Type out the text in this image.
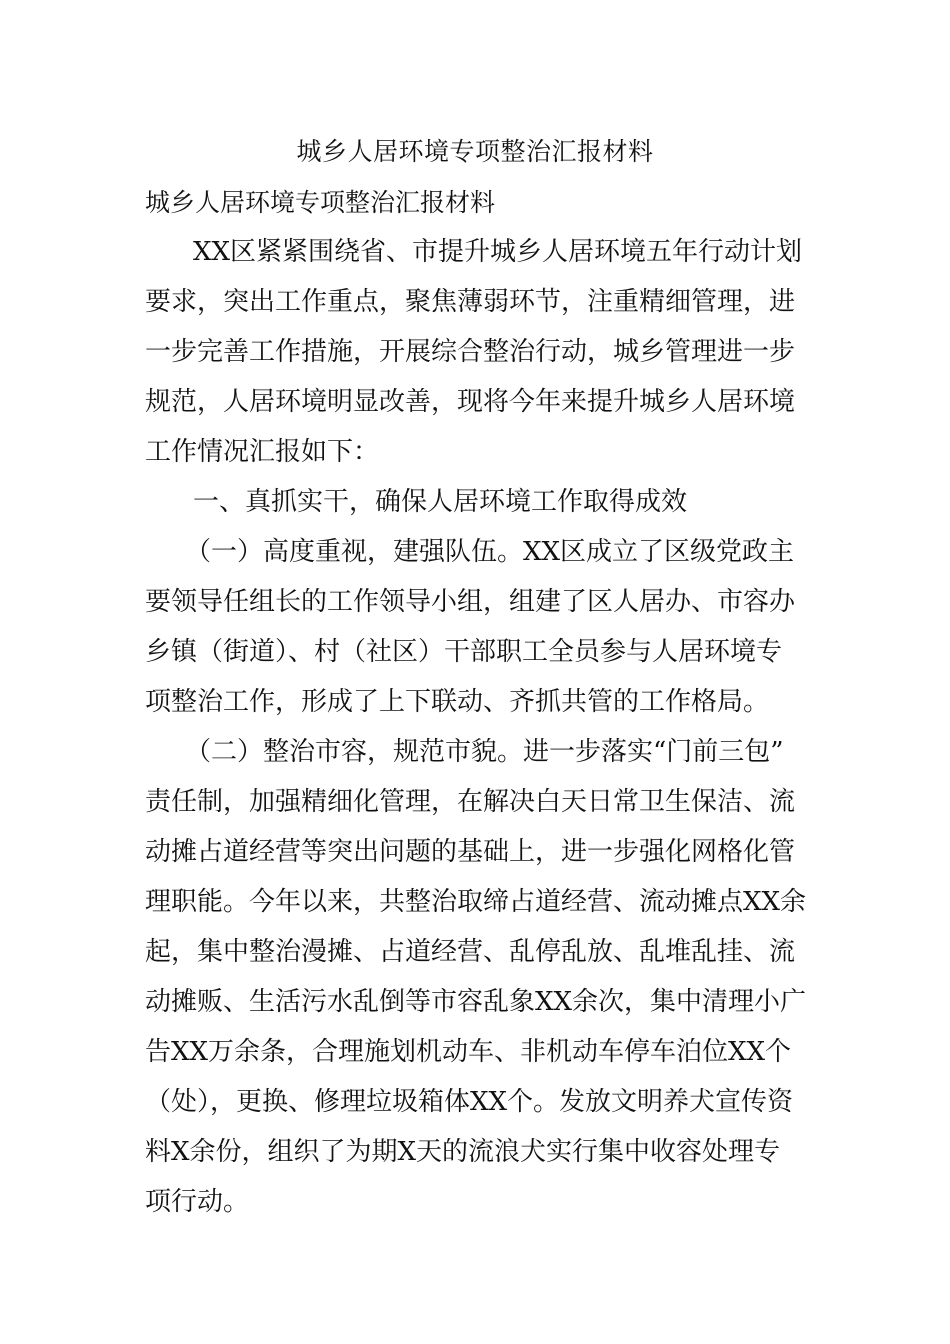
城乡人居环境专项整治汇报材料
城乡人居环境专项整治汇报材料
XX区紧紧围绕省、市提升城乡人居环境五年行动计划
要求，突出工作重点，聚焦薄弱环节，注重精细管理，进
一步完善工作措施，开展综合整治行动，城乡管理进一步
规范，人居环境明显改善，现将今年来提升城乡人居环境
工作情况汇报如下：
一、真抓实干，确保人居环境工作取得成效
（一）高度重视，建强队伍。XX区成立了区级党政主
要领导任组长的工作领导小组，组建了区人居办、市容办
乡镇（街道）、村（社区）干部职工全员参与人居环境专
项整治工作，形成了上下联动、齐抓共管的工作格局。
（二）整治市容，规范市貌。进一步落实“门前三包”
责任制，加强精细化管理，在解决白天日常卫生保洁、流
动摊占道经营等突出问题的基础上，进一步强化网格化管
理职能。今年以来，共整治取缔占道经营、流动摊点XX余
起，集中整治漫摊、占道经营、乱停乱放、乱堆乱挂、流
动摊贩、生活污水乱倒等市容乱象XX余次，集中清理小广
告XX万余条，合理施划机动车、非机动车停车泊位XX个
（处），更换、修理垃圾箱体XX个。发放文明养犬宣传资
料X余份，组织了为期X天的流浪犬实行集中收容处理专
项行动。
